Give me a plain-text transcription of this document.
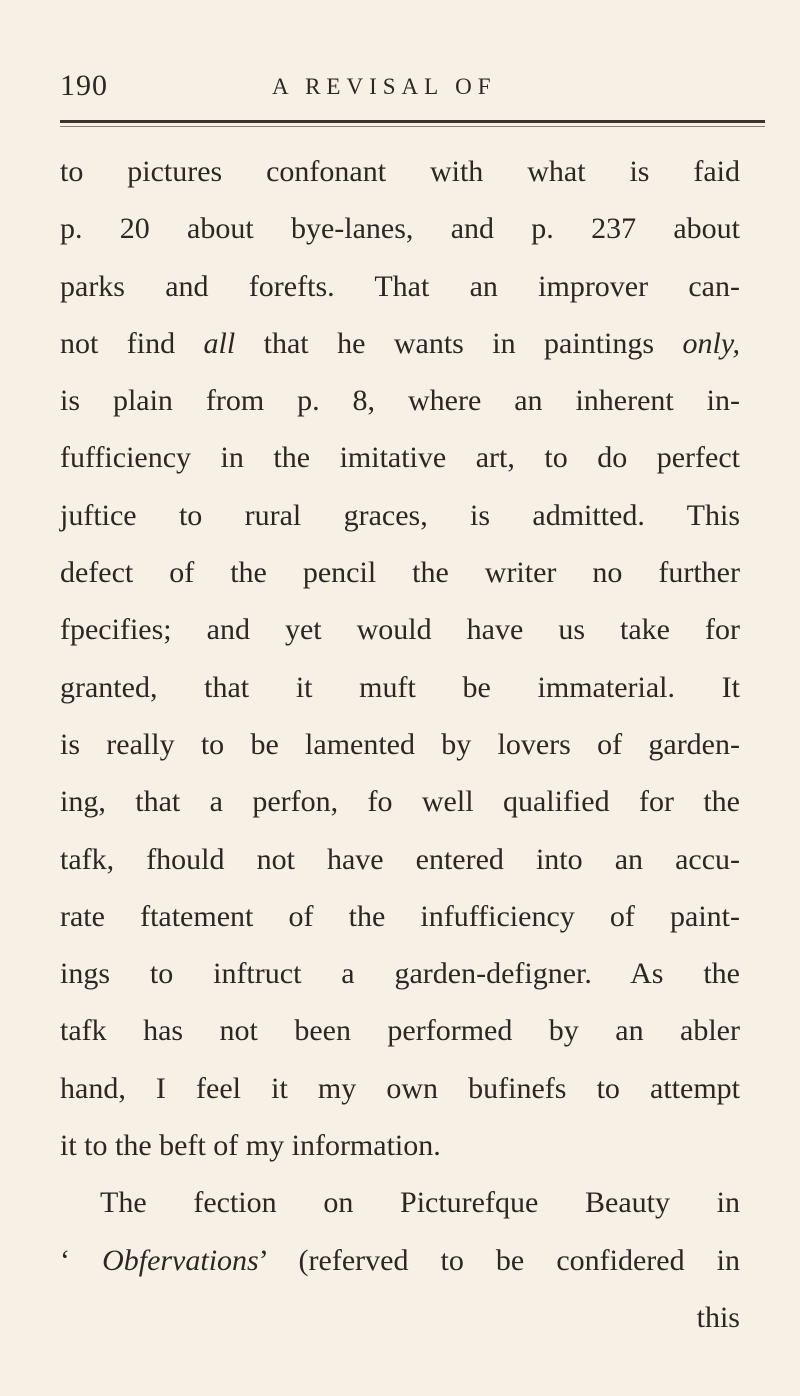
190	A REVISAL OF
to pictures confonant with what is faid
p. 20 about bye-lanes, and p. 237 about
parks and forefts. That an improver can-
not find all that he wants in paintings only,
is plain from p. 8, where an inherent in-
fufficiency in the imitative art, to do perfect
juftice to rural graces, is admitted. This
defect of the pencil the writer no further
fpecifies; and yet would have us take for
granted, that it muft be immaterial. It
is really to be lamented by lovers of garden-
ing, that a perfon, fo well qualified for the
tafk, fhould not have entered into an accu-
rate ftatement of the infufficiency of paint-
ings to inftruct a garden-defigner. As the
tafk has not been performed by an abler
hand, I feel it my own bufinefs to attempt
it to the beft of my information.
The fection on Picturefque Beauty in
‘ Obfervations’ (referved to be confidered in
this
